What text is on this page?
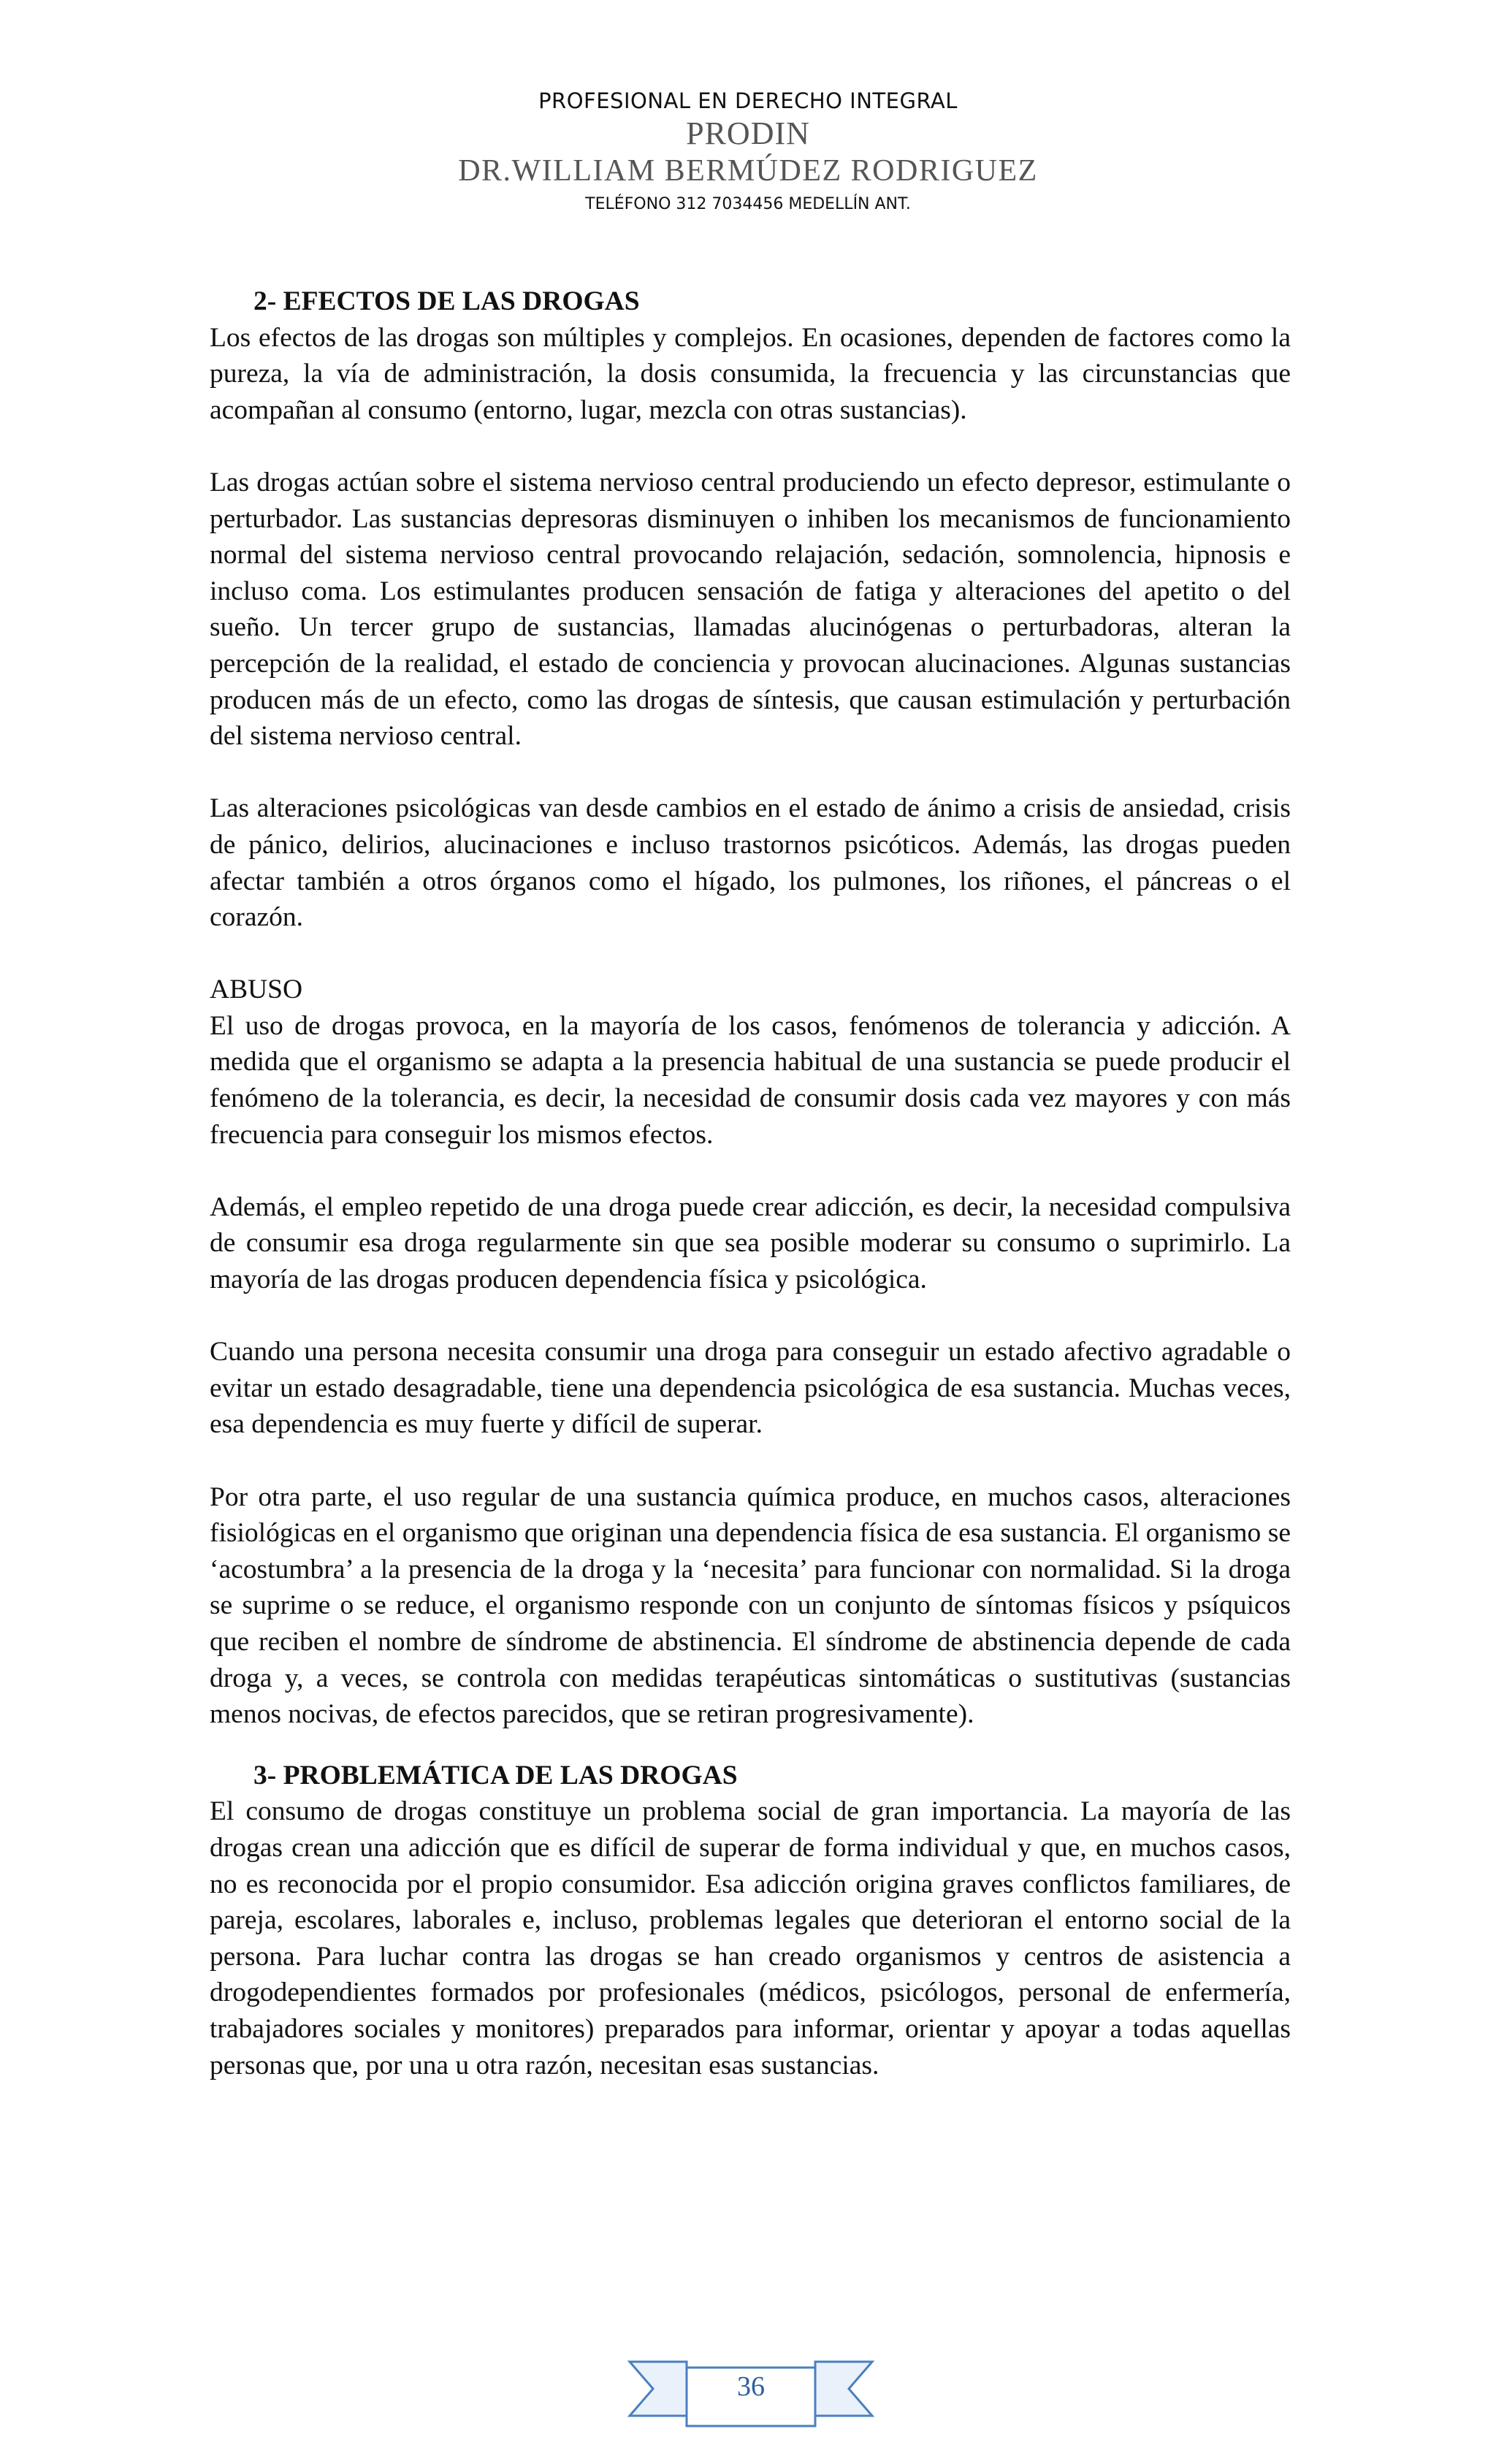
PROFESIONAL EN DERECHO INTEGRAL
PRODIN
DR.WILLIAM BERMÚDEZ RODRIGUEZ
TELÉFONO 312 7034456 MEDELLÍN ANT.

2- EFECTOS DE LAS DROGAS

Los efectos de las drogas son múltiples y complejos. En ocasiones, dependen de factores como la pureza, la vía de administración, la dosis consumida, la frecuencia y las circunstancias que acompañan al consumo (entorno, lugar, mezcla con otras sustancias).

Las drogas actúan sobre el sistema nervioso central produciendo un efecto depresor, estimulante o perturbador. Las sustancias depresoras disminuyen o inhiben los mecanismos de funcionamiento normal del sistema nervioso central provocando relajación, sedación, somnolencia, hipnosis e incluso coma. Los estimulantes producen sensación de fatiga y alteraciones del apetito o del sueño. Un tercer grupo de sustancias, llamadas alucinógenas o perturbadoras, alteran la percepción de la realidad, el estado de conciencia y provocan alucinaciones. Algunas sustancias producen más de un efecto, como las drogas de síntesis, que causan estimulación y perturbación del sistema nervioso central.

Las alteraciones psicológicas van desde cambios en el estado de ánimo a crisis de ansiedad, crisis de pánico, delirios, alucinaciones e incluso trastornos psicóticos. Además, las drogas pueden afectar también a otros órganos como el hígado, los pulmones, los riñones, el páncreas o el corazón.

ABUSO

El uso de drogas provoca, en la mayoría de los casos, fenómenos de tolerancia y adicción. A medida que el organismo se adapta a la presencia habitual de una sustancia se puede producir el fenómeno de la tolerancia, es decir, la necesidad de consumir dosis cada vez mayores y con más frecuencia para conseguir los mismos efectos.

Además, el empleo repetido de una droga puede crear adicción, es decir, la necesidad compulsiva de consumir esa droga regularmente sin que sea posible moderar su consumo o suprimirlo. La mayoría de las drogas producen dependencia física y psicológica.

Cuando una persona necesita consumir una droga para conseguir un estado afectivo agradable o evitar un estado desagradable, tiene una dependencia psicológica de esa sustancia. Muchas veces, esa dependencia es muy fuerte y difícil de superar.

Por otra parte, el uso regular de una sustancia química produce, en muchos casos, alteraciones fisiológicas en el organismo que originan una dependencia física de esa sustancia. El organismo se ‘acostumbra’ a la presencia de la droga y la ‘necesita’ para funcionar con normalidad. Si la droga se suprime o se reduce, el organismo responde con un conjunto de síntomas físicos y psíquicos que reciben el nombre de síndrome de abstinencia. El síndrome de abstinencia depende de cada droga y, a veces, se controla con medidas terapéuticas sintomáticas o sustitutivas (sustancias menos nocivas, de efectos parecidos, que se retiran progresivamente).

3- PROBLEMÁTICA DE LAS DROGAS

El consumo de drogas constituye un problema social de gran importancia. La mayoría de las drogas crean una adicción que es difícil de superar de forma individual y que, en muchos casos, no es reconocida por el propio consumidor. Esa adicción origina graves conflictos familiares, de pareja, escolares, laborales e, incluso, problemas legales que deterioran el entorno social de la persona. Para luchar contra las drogas se han creado organismos y centros de asistencia a drogodependientes formados por profesionales (médicos, psicólogos, personal de enfermería, trabajadores sociales y monitores) preparados para informar, orientar y apoyar a todas aquellas personas que, por una u otra razón, necesitan esas sustancias.

36
